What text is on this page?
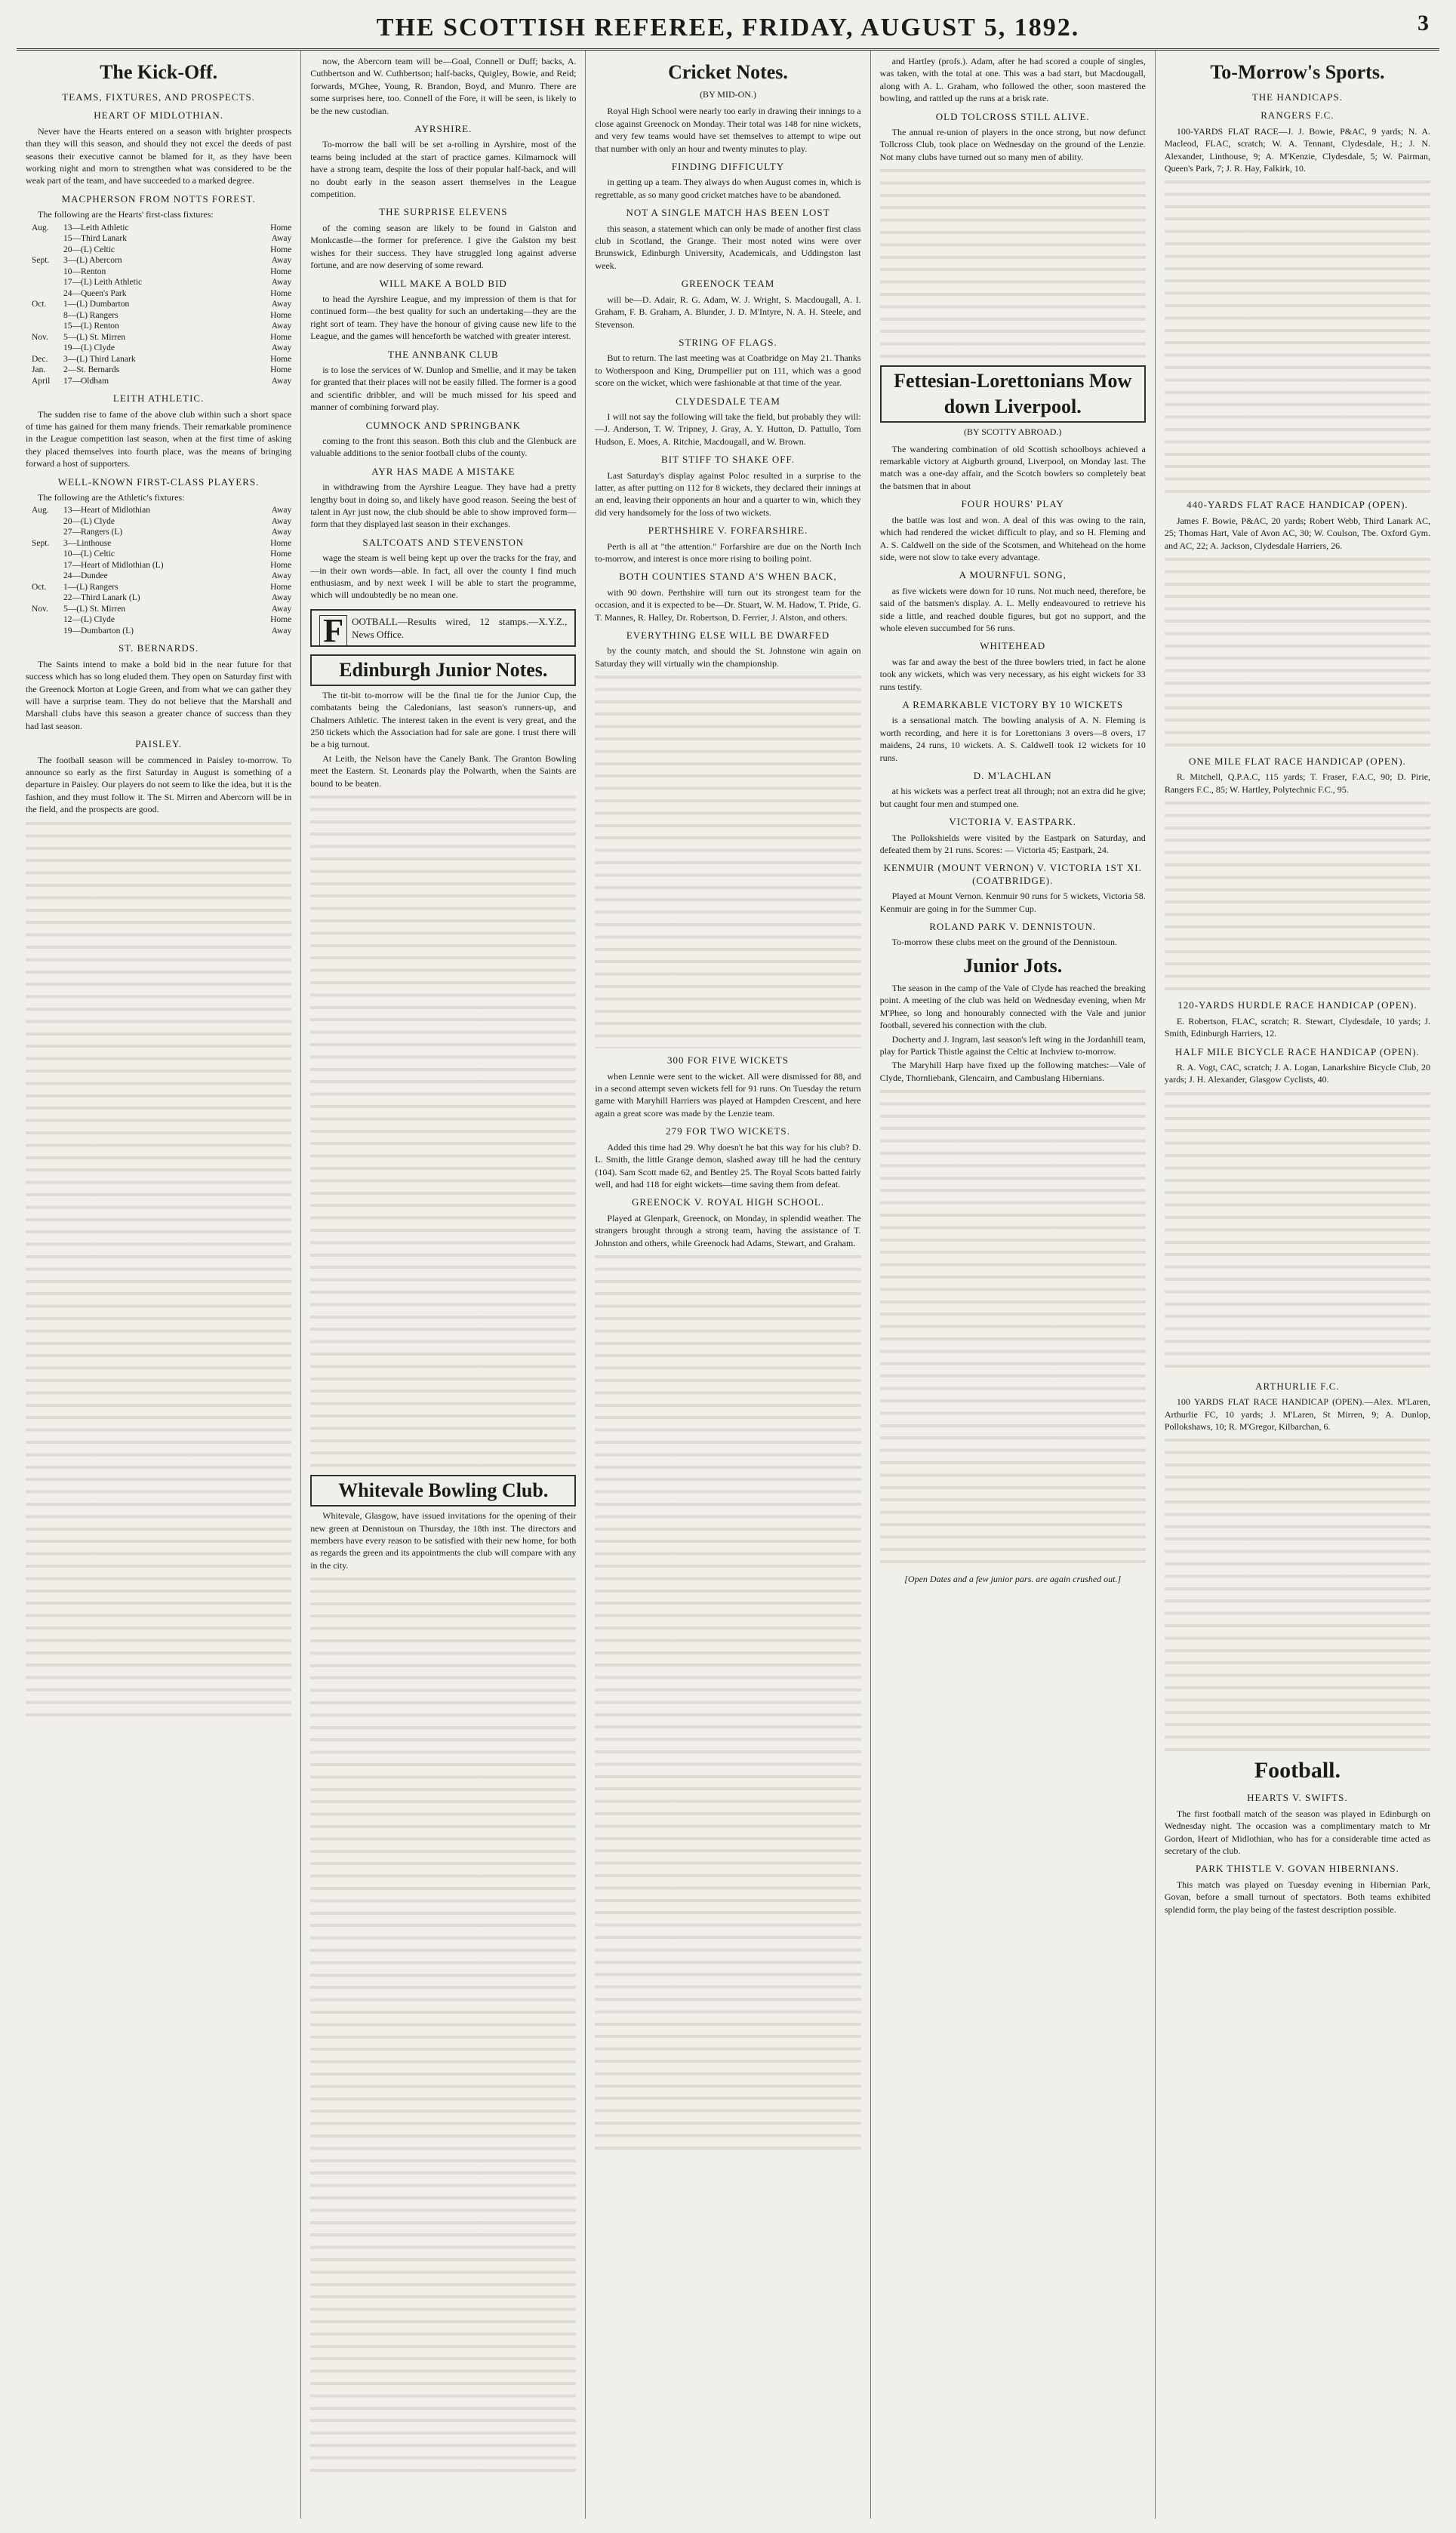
THE SCOTTISH REFEREE, FRIDAY, AUGUST 5, 1892.	3
The Kick-Off.
TEAMS, FIXTURES, AND PROSPECTS.
HEART OF MIDLOTHIAN.

Never have the Hearts entered on a season with brighter prospects than they will this season, and should they not excel the deeds of past seasons their executive cannot be blamed for it, as they have been working night and morn to strengthen what was considered to be the weak part of the team, and have succeeded to a marked degree.

MACPHERSON FROM NOTTS FOREST.

The following are the Hearts' first-class fixtures:

Aug.	13—Leith Athletic	Home
15—Third Lanark	Away
20—(L) Celtic	Home
Sept.	3—(L) Abercorn	Away
10—Renton	Home
17—(L) Leith Athletic	Away
24—Queen's Park	Home
Oct.	1—(L) Dumbarton	Away
8—(L) Rangers	Home
15—(L) Renton	Away
Nov.	5—(L) St. Mirren	Home
19—(L) Clyde	Away
Dec.	3—(L) Third Lanark	Home
Jan.	2—St. Bernards	Home
April	17—Oldham	Away
LEITH ATHLETIC.

The sudden rise to fame of the above club within such a short space of time has gained for them many friends. Their remarkable prominence in the League competition last season, when at the first time of asking they placed themselves into fourth place, was the means of bringing forward a host of supporters.

WELL-KNOWN FIRST-CLASS PLAYERS.

The following are the Athletic's fixtures:

Aug.	13—Heart of Midlothian	Away
20—(L) Clyde	Away
27—Rangers (L)	Away
Sept.	3—Linthouse	Home
10—(L) Celtic	Home
17—Heart of Midlothian (L)	Home
24—Dundee	Away
Oct.	1—(L) Rangers	Home
22—Third Lanark (L)	Away
Nov.	5—(L) St. Mirren	Away
12—(L) Clyde	Home
19—Dumbarton (L)	Away
ST. BERNARDS.

The Saints intend to make a bold bid in the near future for that success which has so long eluded them. They open on Saturday first with the Greenock Morton at Logie Green, and from what we can gather they will have a surprise team. They do not believe that the Marshall and Marshall clubs have this season a greater chance of success than they had last season.

PAISLEY.

The football season will be commenced in Paisley to-morrow. To announce so early as the first Saturday in August is something of a departure in Paisley. Our players do not seem to like the idea, but it is the fashion, and they must follow it. The St. Mirren and Abercorn will be in the field, and the prospects are good.

now, the Abercorn team will be—Goal, Connell or Duff; backs, A. Cuthbertson and W. Cuthbertson; half-backs, Quigley, Bowie, and Reid; forwards, M'Ghee, Young, R. Brandon, Boyd, and Munro. There are some surprises here, too. Connell of the Fore, it will be seen, is likely to be the new custodian.

AYRSHIRE.

To-morrow the ball will be set a-rolling in Ayrshire, most of the teams being included at the start of practice games. Kilmarnock will have a strong team, despite the loss of their popular half-back, and will no doubt early in the season assert themselves in the League competition.

THE SURPRISE ELEVENS

of the coming season are likely to be found in Galston and Monkcastle—the former for preference. I give the Galston my best wishes for their success. They have struggled long against adverse fortune, and are now deserving of some reward.

WILL MAKE A BOLD BID

to head the Ayrshire League, and my impression of them is that for continued form—the best quality for such an undertaking—they are the right sort of team. They have the honour of giving cause new life to the League, and the games will henceforth be watched with greater interest.

THE ANNBANK CLUB

is to lose the services of W. Dunlop and Smellie, and it may be taken for granted that their places will not be easily filled. The former is a good and scientific dribbler, and will be much missed for his speed and manner of combining forward play.

CUMNOCK AND SPRINGBANK

coming to the front this season. Both this club and the Glenbuck are valuable additions to the senior football clubs of the county.

AYR HAS MADE A MISTAKE

in withdrawing from the Ayrshire League. They have had a pretty lengthy bout in doing so, and likely have good reason. Seeing the best of talent in Ayr just now, the club should be able to show improved form—form that they displayed last season in their exchanges.

SALTCOATS AND STEVENSTON

wage the steam is well being kept up over the tracks for the fray, and—in their own words—able. In fact, all over the county I find much enthusiasm, and by next week I will be able to start the programme, which will undoubtedly be no mean one.

F OOTBALL—Results wired, 12 stamps.—X.Y.Z., News Office.
Edinburgh Junior Notes.

The tit-bit to-morrow will be the final tie for the Junior Cup, the combatants being the Caledonians, last season's runners-up, and Chalmers Athletic. The interest taken in the event is very great, and the 250 tickets which the Association had for sale are gone. I trust there will be a big turnout.

At Leith, the Nelson have the Canely Bank. The Granton Bowling meet the Eastern. St. Leonards play the Polwarth, when the Saints are bound to be beaten.

Whitevale Bowling Club.

Whitevale, Glasgow, have issued invitations for the opening of their new green at Dennistoun on Thursday, the 18th inst. The directors and members have every reason to be satisfied with their new home, for both as regards the green and its appointments the club will compare with any in the city.

Cricket Notes.
(BY MID-ON.)

Royal High School were nearly too early in drawing their innings to a close against Greenock on Monday. Their total was 148 for nine wickets, and very few teams would have set themselves to attempt to wipe out that number with only an hour and twenty minutes to play.

FINDING DIFFICULTY

in getting up a team. They always do when August comes in, which is regrettable, as so many good cricket matches have to be abandoned.

NOT A SINGLE MATCH HAS BEEN LOST

this season, a statement which can only be made of another first class club in Scotland, the Grange. Their most noted wins were over Brunswick, Edinburgh University, Academicals, and Uddingston last week.

GREENOCK TEAM

will be—D. Adair, R. G. Adam, W. J. Wright, S. Macdougall, A. I. Graham, F. B. Graham, A. Blunder, J. D. M'Intyre, N. A. H. Steele, and Stevenson.

STRING OF FLAGS.

But to return. The last meeting was at Coatbridge on May 21. Thanks to Wotherspoon and King, Drumpellier put on 111, which was a good score on the wicket, which were fashionable at that time of the year.

CLYDESDALE TEAM

I will not say the following will take the field, but probably they will:—J. Anderson, T. W. Tripney, J. Gray, A. Y. Hutton, D. Pattullo, Tom Hudson, E. Moes, A. Ritchie, Macdougall, and W. Brown.

BIT STIFF TO SHAKE OFF.

Last Saturday's display against Poloc resulted in a surprise to the latter, as after putting on 112 for 8 wickets, they declared their innings at an end, leaving their opponents an hour and a quarter to win, which they did very handsomely for the loss of two wickets.

PERTHSHIRE V. FORFARSHIRE.

Perth is all at "the attention." Forfarshire are due on the North Inch to-morrow, and interest is once more rising to boiling point.

BOTH COUNTIES STAND A'S WHEN BACK,

with 90 down. Perthshire will turn out its strongest team for the occasion, and it is expected to be—Dr. Stuart, W. M. Hadow, T. Pride, G. T. Mannes, R. Halley, Dr. Robertson, D. Ferrier, J. Alston, and others.

EVERYTHING ELSE WILL BE DWARFED

by the county match, and should the St. Johnstone win again on Saturday they will virtually win the championship.

300 FOR FIVE WICKETS

when Lennie were sent to the wicket. All were dismissed for 88, and in a second attempt seven wickets fell for 91 runs. On Tuesday the return game with Maryhill Harriers was played at Hampden Crescent, and here again a great score was made by the Lenzie team.

279 FOR TWO WICKETS.

Added this time had 29. Why doesn't he bat this way for his club? D. L. Smith, the little Grange demon, slashed away till he had the century (104). Sam Scott made 62, and Bentley 25. The Royal Scots batted fairly well, and had 118 for eight wickets—time saving them from defeat.

GREENOCK V. ROYAL HIGH SCHOOL.

Played at Glenpark, Greenock, on Monday, in splendid weather. The strangers brought through a strong team, having the assistance of T. Johnston and others, while Greenock had Adams, Stewart, and Graham.

and Hartley (profs.). Adam, after he had scored a couple of singles, was taken, with the total at one. This was a bad start, but Macdougall, along with A. L. Graham, who followed the other, soon mastered the bowling, and rattled up the runs at a brisk rate.

OLD TOLCROSS STILL ALIVE.

The annual re-union of players in the once strong, but now defunct Tollcross Club, took place on Wednesday on the ground of the Lenzie. Not many clubs have turned out so many men of ability.

Fettesian-Lorettonians Mow down Liverpool.
(BY SCOTTY ABROAD.)

The wandering combination of old Scottish schoolboys achieved a remarkable victory at Aigburth ground, Liverpool, on Monday last. The match was a one-day affair, and the Scotch bowlers so completely beat the batsmen that in about

FOUR HOURS' PLAY

the battle was lost and won. A deal of this was owing to the rain, which had rendered the wicket difficult to play, and so H. Fleming and A. S. Caldwell on the side of the Scotsmen, and Whitehead on the home side, were not slow to take every advantage.

A MOURNFUL SONG,

as five wickets were down for 10 runs. Not much need, therefore, be said of the batsmen's display. A. L. Melly endeavoured to retrieve his side a little, and reached double figures, but got no support, and the whole eleven succumbed for 56 runs.

WHITEHEAD

was far and away the best of the three bowlers tried, in fact he alone took any wickets, which was very necessary, as his eight wickets for 33 runs testify.

A REMARKABLE VICTORY BY 10 WICKETS

is a sensational match. The bowling analysis of A. N. Fleming is worth recording, and here it is for Lorettonians 3 overs—8 overs, 17 maidens, 24 runs, 10 wickets. A. S. Caldwell took 12 wickets for 10 runs.

D. M'LACHLAN

at his wickets was a perfect treat all through; not an extra did he give; but caught four men and stumped one.

VICTORIA V. EASTPARK.

The Pollokshields were visited by the Eastpark on Saturday, and defeated them by 21 runs. Scores: — Victoria 45; Eastpark, 24.

KENMUIR (MOUNT VERNON) V. VICTORIA 1ST XI. (COATBRIDGE).

Played at Mount Vernon. Kenmuir 90 runs for 5 wickets, Victoria 58. Kenmuir are going in for the Summer Cup.

ROLAND PARK V. DENNISTOUN.

To-morrow these clubs meet on the ground of the Dennistoun.

Junior Jots.

The season in the camp of the Vale of Clyde has reached the breaking point. A meeting of the club was held on Wednesday evening, when Mr M'Phee, so long and honourably connected with the Vale and junior football, severed his connection with the club.

Docherty and J. Ingram, last season's left wing in the Jordanhill team, play for Partick Thistle against the Celtic at Inchview to-morrow.

The Maryhill Harp have fixed up the following matches:—Vale of Clyde, Thornliebank, Glencairn, and Cambuslang Hibernians.

[Open Dates and a few junior pars. are again crushed out.]
To-Morrow's Sports.
THE HANDICAPS.
RANGERS F.C.

100-YARDS FLAT RACE—J. J. Bowie, P&AC, 9 yards; N. A. Macleod, FLAC, scratch; W. A. Tennant, Clydesdale, H.; J. N. Alexander, Linthouse, 9; A. M'Kenzie, Clydesdale, 5; W. Pairman, Queen's Park, 7; J. R. Hay, Falkirk, 10.

440-YARDS FLAT RACE HANDICAP (OPEN).

James F. Bowie, P&AC, 20 yards; Robert Webb, Third Lanark AC, 25; Thomas Hart, Vale of Avon AC, 30; W. Coulson, Tbe. Oxford Gym. and AC, 22; A. Jackson, Clydesdale Harriers, 26.

ONE MILE FLAT RACE HANDICAP (OPEN).

R. Mitchell, Q.P.A.C, 115 yards; T. Fraser, F.A.C, 90; D. Pirie, Rangers F.C., 85; W. Hartley, Polytechnic F.C., 95.

120-YARDS HURDLE RACE HANDICAP (OPEN).

E. Robertson, FLAC, scratch; R. Stewart, Clydesdale, 10 yards; J. Smith, Edinburgh Harriers, 12.

HALF MILE BICYCLE RACE HANDICAP (OPEN).

R. A. Vogt, CAC, scratch; J. A. Logan, Lanarkshire Bicycle Club, 20 yards; J. H. Alexander, Glasgow Cyclists, 40.

ARTHURLIE F.C.

100 YARDS FLAT RACE HANDICAP (OPEN).—Alex. M'Laren, Arthurlie FC, 10 yards; J. M'Laren, St Mirren, 9; A. Dunlop, Pollokshaws, 10; R. M'Gregor, Kilbarchan, 6.

Football.
HEARTS V. SWIFTS.

The first football match of the season was played in Edinburgh on Wednesday night. The occasion was a complimentary match to Mr Gordon, Heart of Midlothian, who has for a considerable time acted as secretary of the club.

PARK THISTLE V. GOVAN HIBERNIANS.

This match was played on Tuesday evening in Hibernian Park, Govan, before a small turnout of spectators. Both teams exhibited splendid form, the play being of the fastest description possible.
